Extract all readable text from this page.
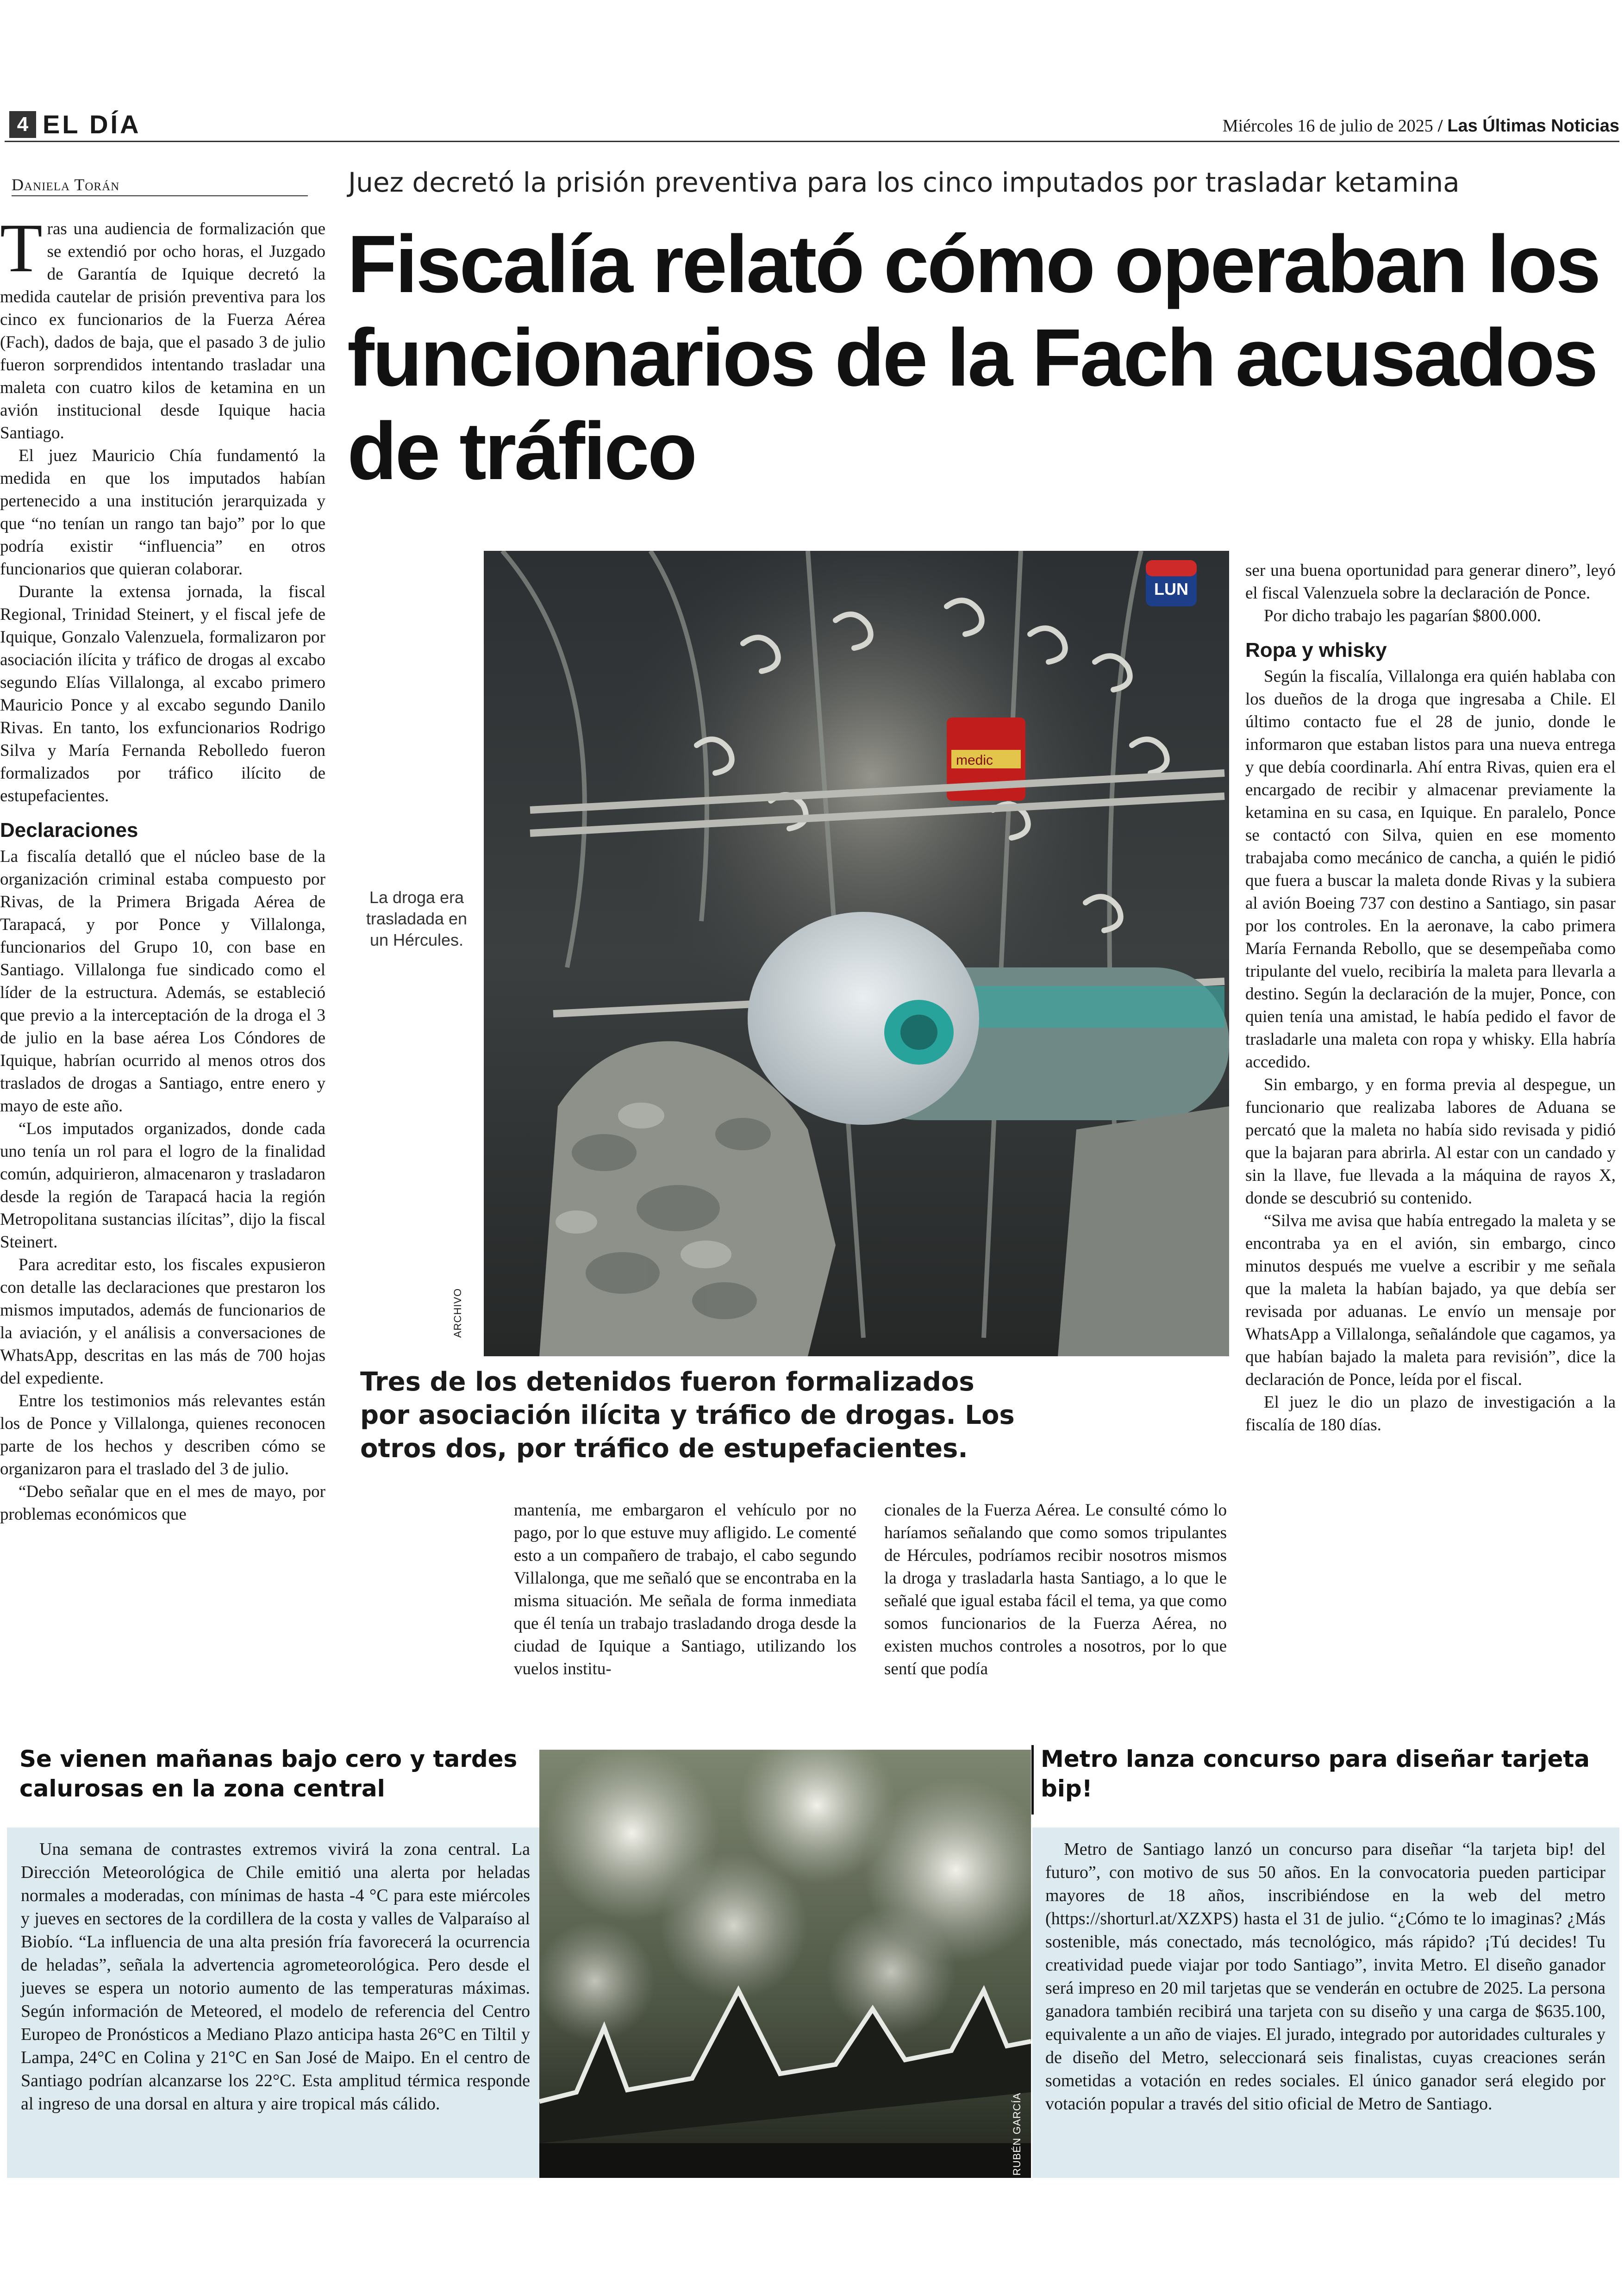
4 EL DÍA	Miércoles 16 de julio de 2025 / Las Últimas Noticias
Daniela Torán	Juez decretó la prisión preventiva para los cinco imputados por trasladar ketamina
Fiscalía relató cómo operaban los funcionarios de la Fach acusados de tráfico

Tras una audiencia de formalización que se extendió por ocho horas, el Juzgado de Garantía de Iquique decretó la medida cautelar de prisión preventiva para los cinco ex funcionarios de la Fuerza Aérea (Fach), dados de baja, que el pasado 3 de julio fueron sorprendidos intentando trasladar una maleta con cuatro kilos de ketamina en un avión institucional desde Iquique hacia Santiago.

El juez Mauricio Chía fundamentó la medida en que los imputados habían pertenecido a una institución jerarquizada y que “no tenían un rango tan bajo” por lo que podría existir “influencia” en otros funcionarios que quieran colaborar.

Durante la extensa jornada, la fiscal Regional, Trinidad Steinert, y el fiscal jefe de Iquique, Gonzalo Valenzuela, formalizaron por asociación ilícita y tráfico de drogas al excabo segundo Elías Villalonga, al excabo primero Mauricio Ponce y al excabo segundo Danilo Rivas. En tanto, los exfuncionarios Rodrigo Silva y María Fernanda Rebolledo fueron formalizados por tráfico ilícito de estupefacientes.

Declaraciones

La fiscalía detalló que el núcleo base de la organización criminal estaba compuesto por Rivas, de la Primera Brigada Aérea de Tarapacá, y por Ponce y Villalonga, funcionarios del Grupo 10, con base en Santiago. Villalonga fue sindicado como el líder de la estructura. Además, se estableció que previo a la interceptación de la droga el 3 de julio en la base aérea Los Cóndores de Iquique, habrían ocurrido al menos otros dos traslados de drogas a Santiago, entre enero y mayo de este año.

“Los imputados organizados, donde cada uno tenía un rol para el logro de la finalidad común, adquirieron, almacenaron y trasladaron desde la región de Tarapacá hacia la región Metropolitana sustancias ilícitas”, dijo la fiscal Steinert.

Para acreditar esto, los fiscales expusieron con detalle las declaraciones que prestaron los mismos imputados, además de funcionarios de la aviación, y el análisis a conversaciones de WhatsApp, descritas en las más de 700 hojas del expediente.

Entre los testimonios más relevantes están los de Ponce y Villalonga, quienes reconocen parte de los hechos y describen cómo se organizaron para el traslado del 3 de julio.

“Debo señalar que en el mes de mayo, por problemas económicos que

medic
LUN
ARCHIVO
La droga era trasladada en un Hércules.
Tres de los detenidos fueron formalizados por asociación ilícita y tráfico de drogas. Los otros dos, por tráfico de estupefacientes.

mantenía, me embargaron el vehículo por no pago, por lo que estuve muy afligido. Le comenté esto a un compañero de trabajo, el cabo segundo Villalonga, que me señaló que se encontraba en la misma situación. Me señala de forma inmediata que él tenía un trabajo trasladando droga desde la ciudad de Iquique a Santiago, utilizando los vuelos institu-

cionales de la Fuerza Aérea. Le consulté cómo lo haríamos señalando que como somos tripulantes de Hércules, podríamos recibir nosotros mismos la droga y trasladarla hasta Santiago, a lo que le señalé que igual estaba fácil el tema, ya que como somos funcionarios de la Fuerza Aérea, no existen muchos controles a nosotros, por lo que sentí que podía

ser una buena oportunidad para generar dinero”, leyó el fiscal Valenzuela sobre la declaración de Ponce.

Por dicho trabajo les pagarían $800.000.

Ropa y whisky

Según la fiscalía, Villalonga era quién hablaba con los dueños de la droga que ingresaba a Chile. El último contacto fue el 28 de junio, donde le informaron que estaban listos para una nueva entrega y que debía coordinarla. Ahí entra Rivas, quien era el encargado de recibir y almacenar previamente la ketamina en su casa, en Iquique. En paralelo, Ponce se contactó con Silva, quien en ese momento trabajaba como mecánico de cancha, a quién le pidió que fuera a buscar la maleta donde Rivas y la subiera al avión Boeing 737 con destino a Santiago, sin pasar por los controles. En la aeronave, la cabo primera María Fernanda Rebollo, que se desempeñaba como tripulante del vuelo, recibiría la maleta para llevarla a destino. Según la declaración de la mujer, Ponce, con quien tenía una amistad, le había pedido el favor de trasladarle una maleta con ropa y whisky. Ella habría accedido.

Sin embargo, y en forma previa al despegue, un funcionario que realizaba labores de Aduana se percató que la maleta no había sido revisada y pidió que la bajaran para abrirla. Al estar con un candado y sin la llave, fue llevada a la máquina de rayos X, donde se descubrió su contenido.

“Silva me avisa que había entregado la maleta y se encontraba ya en el avión, sin embargo, cinco minutos después me vuelve a escribir y me señala que la maleta la habían bajado, ya que debía ser revisada por aduanas. Le envío un mensaje por WhatsApp a Villalonga, señalándole que cagamos, ya que habían bajado la maleta para revisión”, dice la declaración de Ponce, leída por el fiscal.

El juez le dio un plazo de investigación a la fiscalía de 180 días.

Se vienen mañanas bajo cero y tardes calurosas en la zona central
Metro lanza concurso para diseñar tarjeta bip!

Una semana de contrastes extremos vivirá la zona central. La Dirección Meteorológica de Chile emitió una alerta por heladas normales a moderadas, con mínimas de hasta -4 °C para este miércoles y jueves en sectores de la cordillera de la costa y valles de Valparaíso al Biobío. “La influencia de una alta presión fría favorecerá la ocurrencia de heladas”, señala la advertencia agrometeorológica. Pero desde el jueves se espera un notorio aumento de las temperaturas máximas. Según información de Meteored, el modelo de referencia del Centro Europeo de Pronósticos a Mediano Plazo anticipa hasta 26°C en Tiltil y Lampa, 24°C en Colina y 21°C en San José de Maipo. En el centro de Santiago podrían alcanzarse los 22°C. Esta amplitud térmica responde al ingreso de una dorsal en altura y aire tropical más cálido.	RUBÉN GARCÍA

Metro de Santiago lanzó un concurso para diseñar “la tarjeta bip! del futuro”, con motivo de sus 50 años. En la convocatoria pueden participar mayores de 18 años, inscribiéndose en la web del metro (https://shorturl.at/XZXPS) hasta el 31 de julio. “¿Cómo te lo imaginas? ¿Más sostenible, más conectado, más tecnológico, más rápido? ¡Tú decides! Tu creatividad puede viajar por todo Santiago”, invita Metro. El diseño ganador será impreso en 20 mil tarjetas que se venderán en octubre de 2025. La persona ganadora también recibirá una tarjeta con su diseño y una carga de $635.100, equivalente a un año de viajes. El jurado, integrado por autoridades culturales y de diseño del Metro, seleccionará seis finalistas, cuyas creaciones serán sometidas a votación en redes sociales. El único ganador será elegido por votación popular a través del sitio oficial de Metro de Santiago.
